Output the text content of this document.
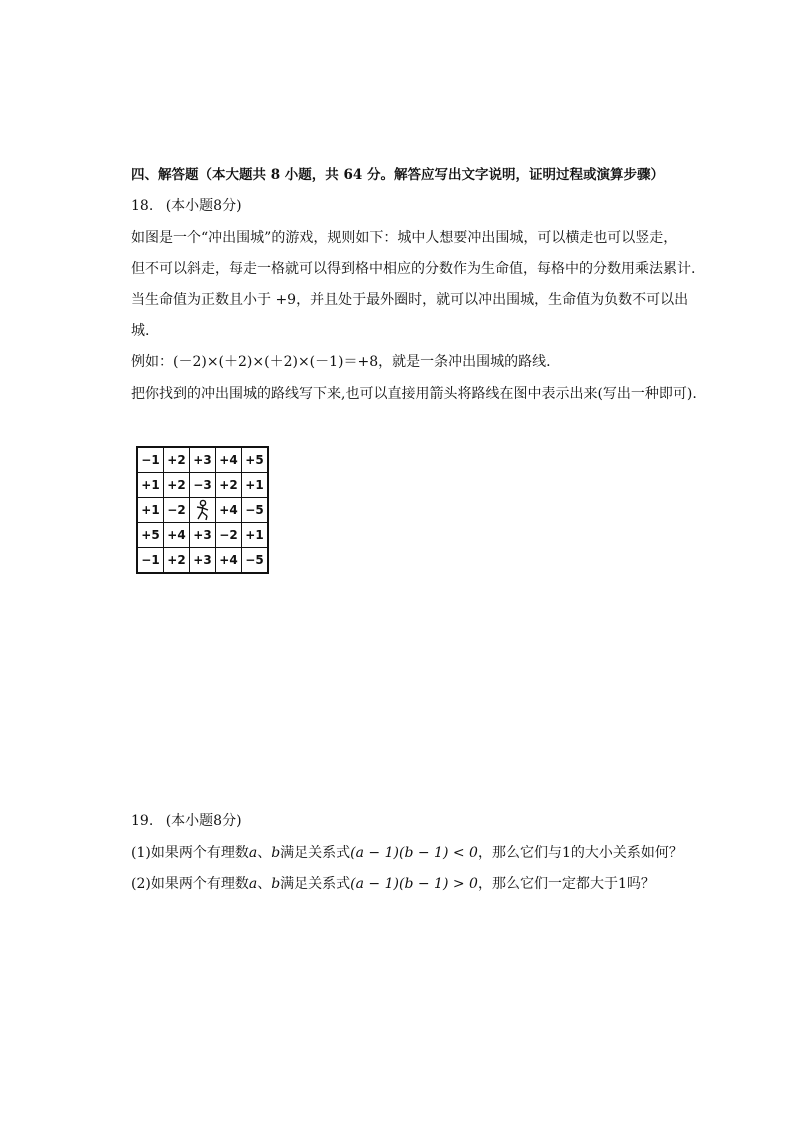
四、解答题（本大题共 8 小题，共 64 分。解答应写出文字说明，证明过程或演算步骤）
18. (本小题8分)
如图是一个“冲出围城”的游戏，规则如下：城中人想要冲出围城，可以横走也可以竖走，
但不可以斜走，每走一格就可以得到格中相应的分数作为生命值，每格中的分数用乘法累计.
当生命值为正数且小于 +9，并且处于最外圈时，就可以冲出围城，生命值为负数不可以出
城.
例如：(－2)×(＋2)×(＋2)×(－1)＝+8，就是一条冲出围城的路线.
把你找到的冲出围城的路线写下来,也可以直接用箭头将路线在图中表示出来(写出一种即可).
−1	+2	+3	+4	+5
+1	+2	−3	+2	+1
+1	−2		+4	−5
+5	+4	+3	−2	+1
−1	+2	+3	+4	−5
19. (本小题8分)
(1)如果两个有理数a、b满足关系式(a − 1)(b − 1) < 0，那么它们与1的大小关系如何？
(2)如果两个有理数a、b满足关系式(a − 1)(b − 1) > 0，那么它们一定都大于1吗？
